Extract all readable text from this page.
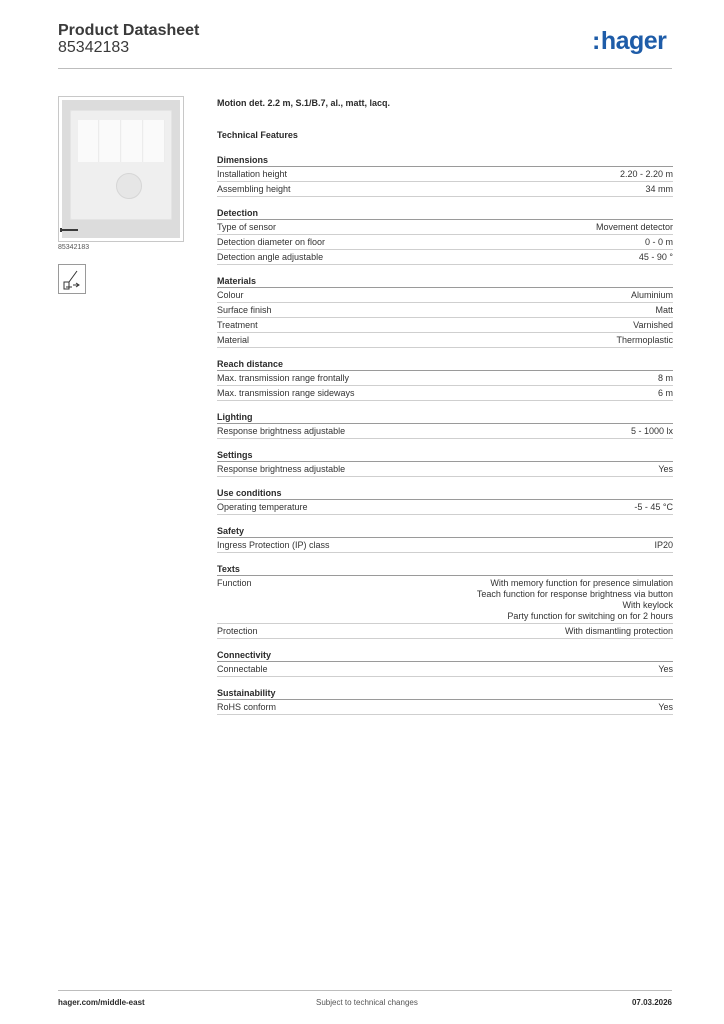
Product Datasheet
85342183	:hager
85342183
Motion det. 2.2 m, S.1/B.7, al., matt, lacq.
Technical Features
Dimensions
Installation height	2.20 - 2.20 m
Assembling height	34 mm
Detection
Type of sensor	Movement detector
Detection diameter on floor	0 - 0 m
Detection angle adjustable	45 - 90 °
Materials
Colour	Aluminium
Surface finish	Matt
Treatment	Varnished
Material	Thermoplastic
Reach distance
Max. transmission range frontally	8 m
Max. transmission range sideways	6 m
Lighting
Response brightness adjustable	5 - 1000 lx
Settings
Response brightness adjustable	Yes
Use conditions
Operating temperature	-5 - 45 °C
Safety
Ingress Protection (IP) class	IP20
Texts
Function	With memory function for presence simulation
Teach function for response brightness via button
With keylock
Party function for switching on for 2 hours
Protection	With dismantling protection
Connectivity
Connectable	Yes
Sustainability
RoHS conform	Yes
hager.com/middle-east	Subject to technical changes	07.03.2026
